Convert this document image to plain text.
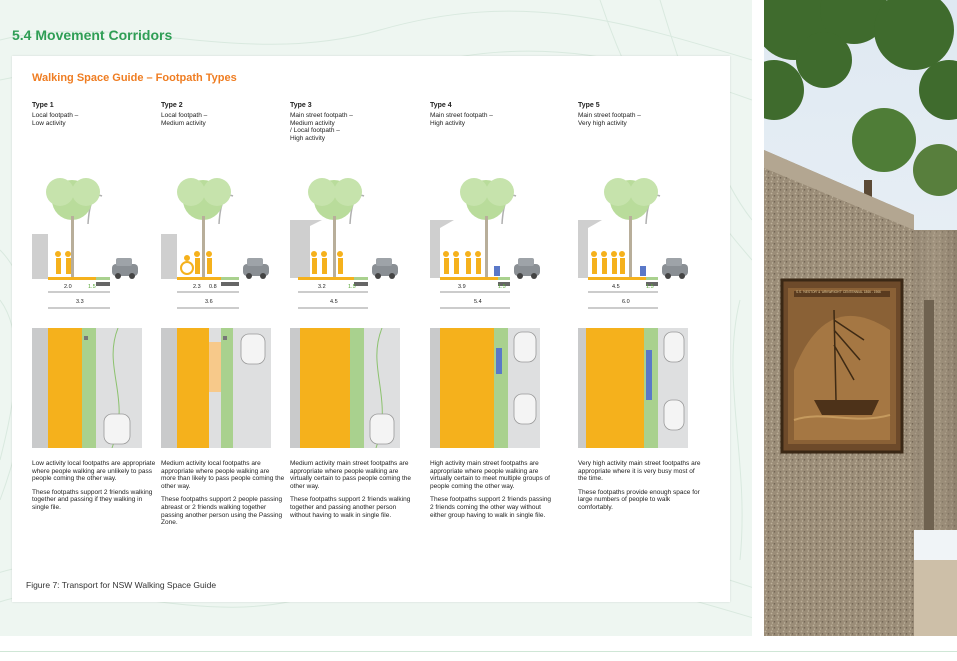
5.4 Movement Corridors
Walking Space Guide – Footpath Types
Type 1
Local footpath –
Low activity
Type 2
Local footpath –
Medium activity
Type 3
Main street footpath –
Medium activity
/ Local footpath –
High activity
Type 4
Main street footpath –
High activity
Type 5
Main street footpath –
Very high activity
2.0	1.5
3.3
2.3 0.8
3.6
3.2	1.5
4.5
3.9	1.5
5.4
4.5	1.5
6.0

Low activity local footpaths are appropriate where people walking are unlikely to pass people coming the other way.

These footpaths support 2 friends walking together and passing if they walking in single file.

Medium activity local footpaths are appropriate where people walking are more than likely to pass people coming the other way.

These footpaths support 2 people passing abreast or 2 friends walking together passing another person using the Passing Zone.

Medium activity main street footpaths are appropriate where people walking are virtually certain to pass people coming the other way.

These footpaths support 2 friends walking together and passing another person without having to walk in single file.

High activity main street footpaths are appropriate where people walking are virtually certain to meet multiple groups of people coming the other way.

These footpaths support 2 friends passing 2 friends coming the other way without either group having to walk in single file.

Very high activity main street footpaths are appropriate where it is very busy most of the time.

These footpaths provide enough space for large numbers of people to walk comfortably.

Figure 7: Transport for NSW Walking Space Guide
S.S. 'NESTOR' & 'ARKWRIGHT' CENTENNIAL 1866 - 1966
